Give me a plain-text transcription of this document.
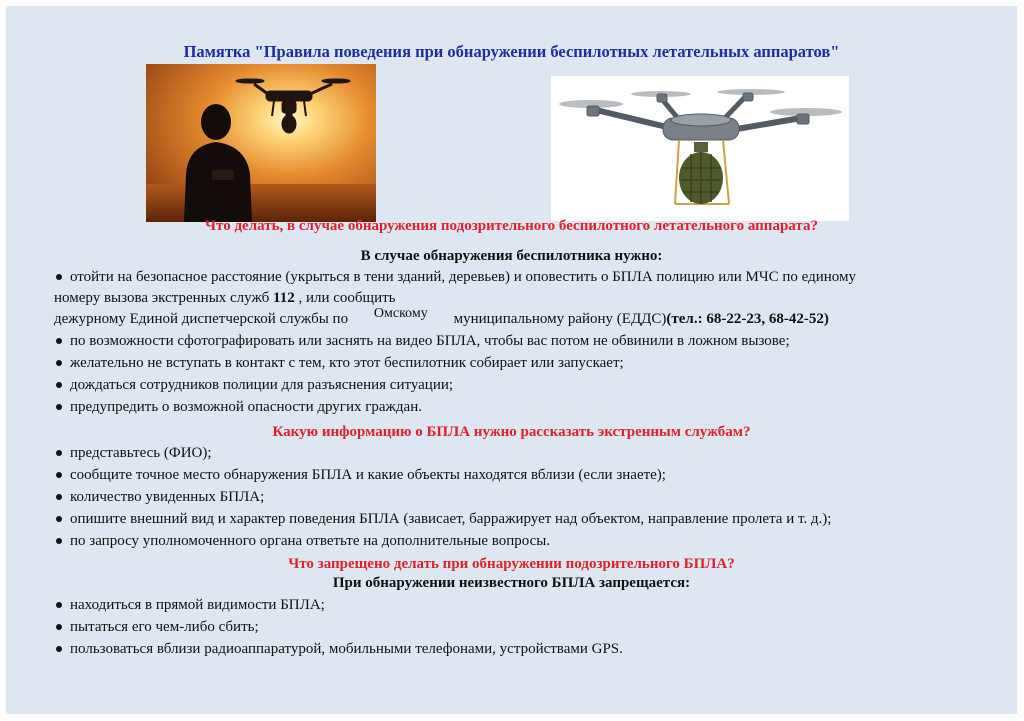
Памятка "Правила поведения при обнаружении беспилотных летательных аппаратов"
Что делать, в случае обнаружения подозрительного беспилотного летательного аппарата?
В случае обнаружения беспилотника нужно:
отойти на безопасное расстояние (укрыться в тени зданий, деревьев) и оповестить о БПЛА полицию или МЧС по единому
номеру вызова экстренных служб 112 , или сообщить
дежурному Единой диспетчерской службы по Омскому муниципальному району (ЕДДС)(тел.: 68-22-23, 68-42-52)
по возможности сфотографировать или заснять на видео БПЛА, чтобы вас потом не обвинили в ложном вызове;
желательно не вступать в контакт с тем, кто этот беспилотник собирает или запускает;
дождаться сотрудников полиции для разъяснения ситуации;
предупредить о возможной опасности других граждан.
Какую информацию о БПЛА нужно рассказать экстренным службам?
представьтесь (ФИО);
сообщите точное место обнаружения БПЛА и какие объекты находятся вблизи (если знаете);
количество увиденных БПЛА;
опишите внешний вид и характер поведения БПЛА (зависает, барражирует над объектом, направление пролета и т. д.);
по запросу уполномоченного органа ответьте на дополнительные вопросы.
Что запрещено делать при обнаружении подозрительного БПЛА?
При обнаружении неизвестного БПЛА запрещается:
находиться в прямой видимости БПЛА;
пытаться его чем-либо сбить;
пользоваться вблизи радиоаппаратурой, мобильными телефонами, устройствами GPS.
